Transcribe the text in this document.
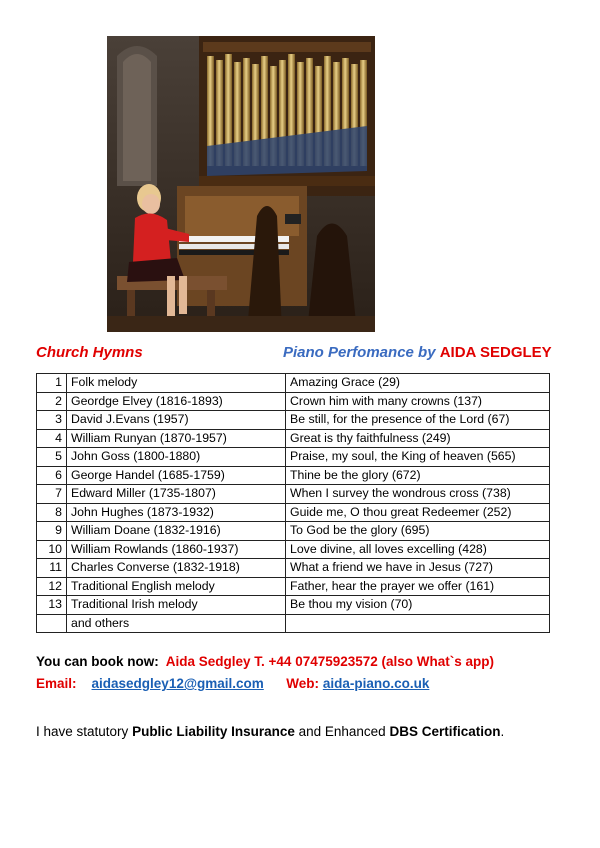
Church Hymns	Piano Perfomance by AIDA SEDGLEY
1	Folk melody	Amazing Grace (29)
2	Geordge Elvey (1816-1893)	Crown him with many crowns (137)
3	David J.Evans (1957)	Be still, for the presence of the Lord (67)
4	William Runyan (1870-1957)	Great is thy faithfulness (249)
5	John Goss (1800-1880)	Praise, my soul, the King of heaven (565)
6	George Handel (1685-1759)	Thine be the glory (672)
7	Edward Miller (1735-1807)	When I survey the wondrous cross (738)
8	John Hughes (1873-1932)	Guide me, O thou great Redeemer (252)
9	William Doane (1832-1916)	To God be the glory (695)
10	William Rowlands (1860-1937)	Love divine, all loves excelling (428)
11	Charles Converse (1832-1918)	What a friend we have in Jesus (727)
12	Traditional English melody	Father, hear the prayer we offer (161)
13	Traditional Irish melody	Be thou my vision (70)
	and others	
You can book now: Aida Sedgley T. +44 07475923572 (also What`s app)
Email: aidasedgley12@gmail.com Web: aida-piano.co.uk
I have statutory Public Liability Insurance and Enhanced DBS Certification.
